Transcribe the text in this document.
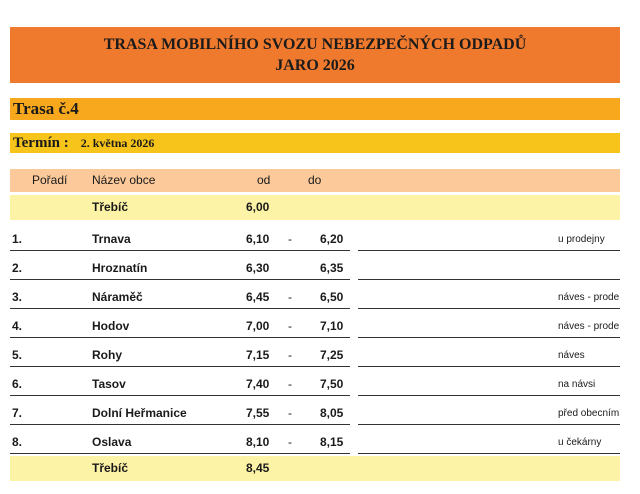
TRASA MOBILNÍHO SVOZU NEBEZPEČNÝCH ODPADŮ
JARO 2026
Trasa č.4
Termín : 2. května 2026
Pořadí Název obce	od	do
Třebíč	6,00
1.	Trnava	6,10 - 6,20	u prodejny
2.	Hroznatín	6,30	6,35
3.	Náraměč	6,45 - 6,50	náves - prode
4.	Hodov	7,00 - 7,10	náves - prode
5.	Rohy	7,15 - 7,25	náves
6.	Tasov	7,40 - 7,50	na návsi
7.	Dolní Heřmanice	7,55 - 8,05	před obecním
8.	Oslava	8,10 - 8,15	u čekárny
Třebíč	8,45
